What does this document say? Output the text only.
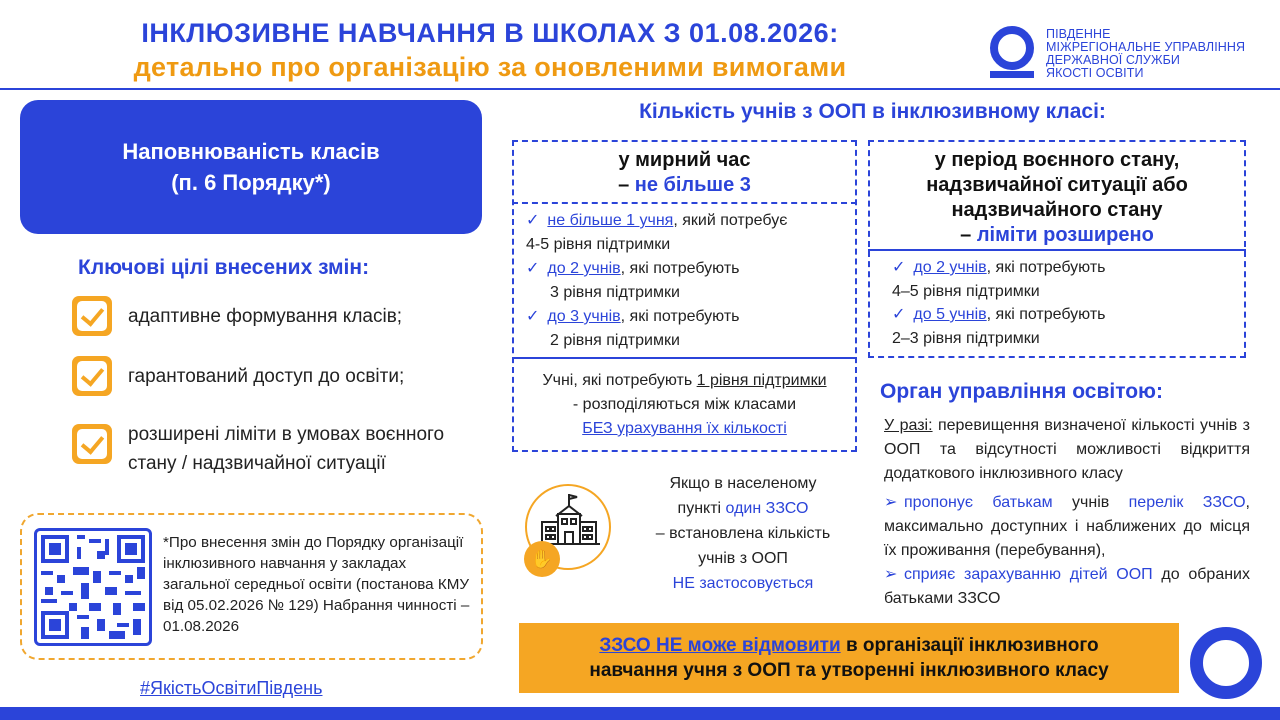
ІНКЛЮЗИВНЕ НАВЧАННЯ В ШКОЛАХ З 01.08.2026:
детально про організацію за оновленими вимогами
ПІВДЕННЕ
МІЖРЕГІОНАЛЬНЕ УПРАВЛІННЯ
ДЕРЖАВНОЇ СЛУЖБИ
ЯКОСТІ ОСВІТИ
Наповнюваність класів
(п. 6 Порядку*)
Ключові цілі внесених змін:
адаптивне формування класів;
гарантований доступ до освіти;
розширені ліміти в умовах воєнного стану / надзвичайної ситуації
*Про внесення змін до Порядку організації інклюзивного навчання у закладах загальної середньої освіти (постанова КМУ від 05.02.2026 № 129) Набрання чинності – 01.08.2026
#ЯкістьОсвітиПівдень
Кількість учнів з ООП в інклюзивному класі:
у мирний час
– не більше 3
✓ не більше 1 учня, який потребує
4-5 рівня підтримки
✓ до 2 учнів, які потребують
3 рівня підтримки
✓ до 3 учнів, які потребують
2 рівня підтримки
Учні, які потребують 1 рівня підтримки
- розподіляються між класами
БЕЗ урахування їх кількості
у період воєнного стану,
надзвичайної ситуації або
надзвичайного стану
– ліміти розширено
✓ до 2 учнів, які потребують
4–5 рівня підтримки
✓ до 5 учнів, які потребують
2–3 рівня підтримки
✋
Якщо в населеному
пункті один ЗЗСО
– встановлена кількість
учнів з ООП
НЕ застосовується
Орган управління освітою:
У разі: перевищення визначеної кількості учнів з ООП та відсутності можливості відкриття додаткового інклюзивного класу
➢ пропонує батькам учнів перелік ЗЗСО, максимально доступних і наближених до місця їх проживання (перебування),
➢ сприяє зарахуванню дітей ООП до обраних батьками ЗЗСО
ЗЗСО НЕ може відмовити в організації інклюзивного
навчання учня з ООП та утворенні інклюзивного класу
